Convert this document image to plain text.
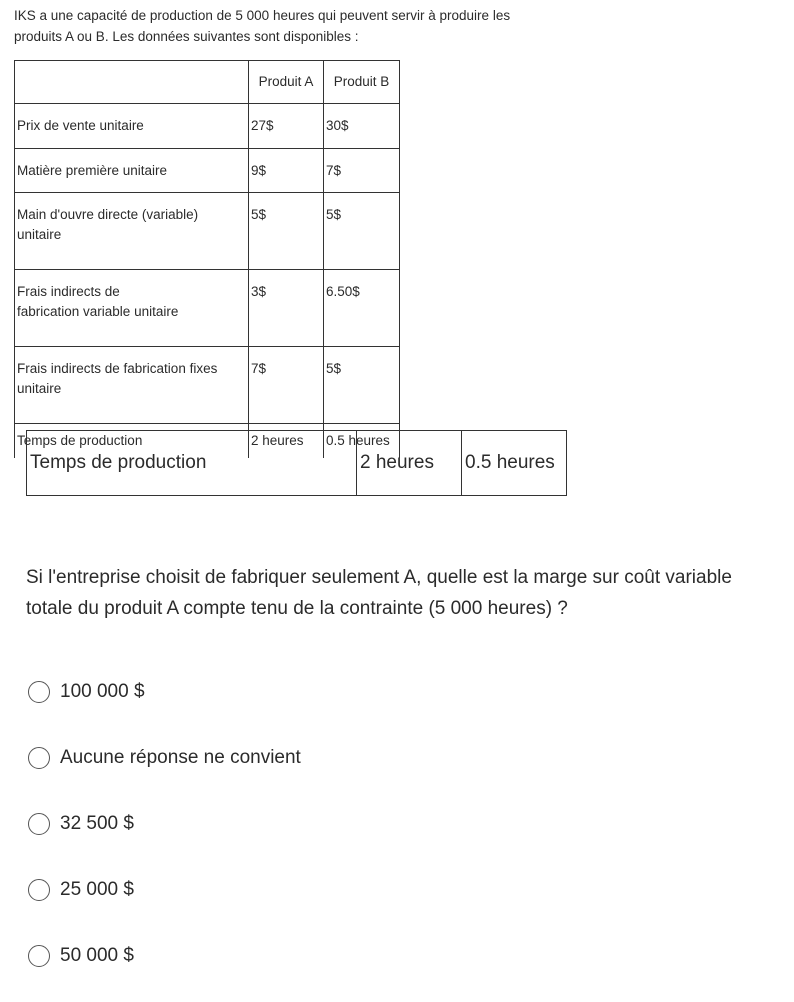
IKS a une capacité de production de 5 000 heures qui peuvent servir à produire les
produits A ou B. Les données suivantes sont disponibles :

	Produit A	Produit B
Prix de vente unitaire	27$	30$
Matière première unitaire	9$	7$
Main d'ouvre directe (variable)
unitaire	5$	5$
Frais indirects de
fabrication variable unitaire	3$	6.50$
Frais indirects de fabrication fixes
unitaire	7$	5$
Temps de production	2 heures	0.5 heures
Temps de production	2 heures	0.5 heures

Si l'entreprise choisit de fabriquer seulement A, quelle est la marge sur coût variable
totale du produit A compte tenu de la contrainte (5 000 heures) ?

100 000 $
Aucune réponse ne convient
32 500 $
25 000 $
50 000 $
